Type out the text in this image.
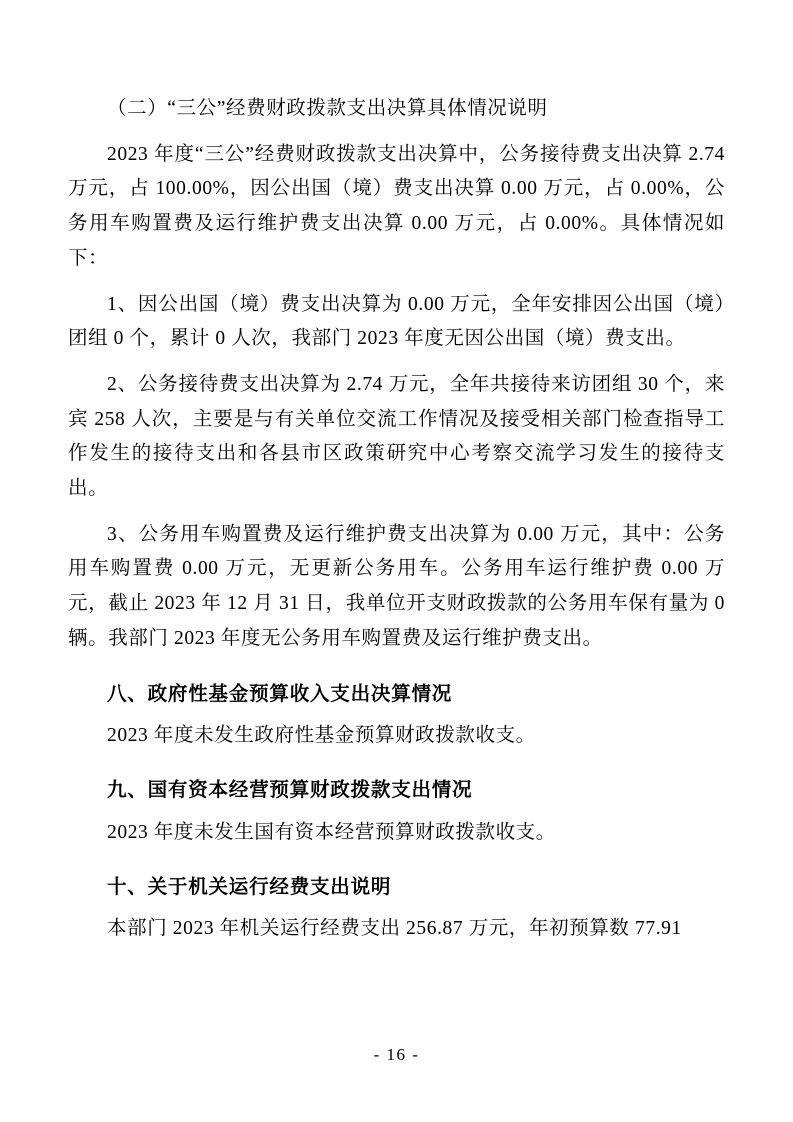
（二）“三公”经费财政拨款支出决算具体情况说明

2023 年度“三公”经费财政拨款支出决算中，公务接待费支出决算 2.74 万元，占 100.00%，因公出国（境）费支出决算 0.00 万元，占 0.00%，公务用车购置费及运行维护费支出决算 0.00 万元，占 0.00%。具体情况如下：

1、因公出国（境）费支出决算为 0.00 万元，全年安排因公出国（境）团组 0 个，累计 0 人次，我部门 2023 年度无因公出国（境）费支出。

2、公务接待费支出决算为 2.74 万元，全年共接待来访团组 30 个，来宾 258 人次，主要是与有关单位交流工作情况及接受相关部门检查指导工作发生的接待支出和各县市区政策研究中心考察交流学习发生的接待支出。

3、公务用车购置费及运行维护费支出决算为 0.00 万元，其中：公务用车购置费 0.00 万元，无更新公务用车。公务用车运行维护费 0.00 万元，截止 2023 年 12 月 31 日，我单位开支财政拨款的公务用车保有量为 0 辆。我部门 2023 年度无公务用车购置费及运行维护费支出。

八、政府性基金预算收入支出决算情况

2023 年度未发生政府性基金预算财政拨款收支。

九、国有资本经营预算财政拨款支出情况

2023 年度未发生国有资本经营预算财政拨款收支。

十、关于机关运行经费支出说明

本部门 2023 年机关运行经费支出 256.87 万元，年初预算数 77.91

- 16 -
